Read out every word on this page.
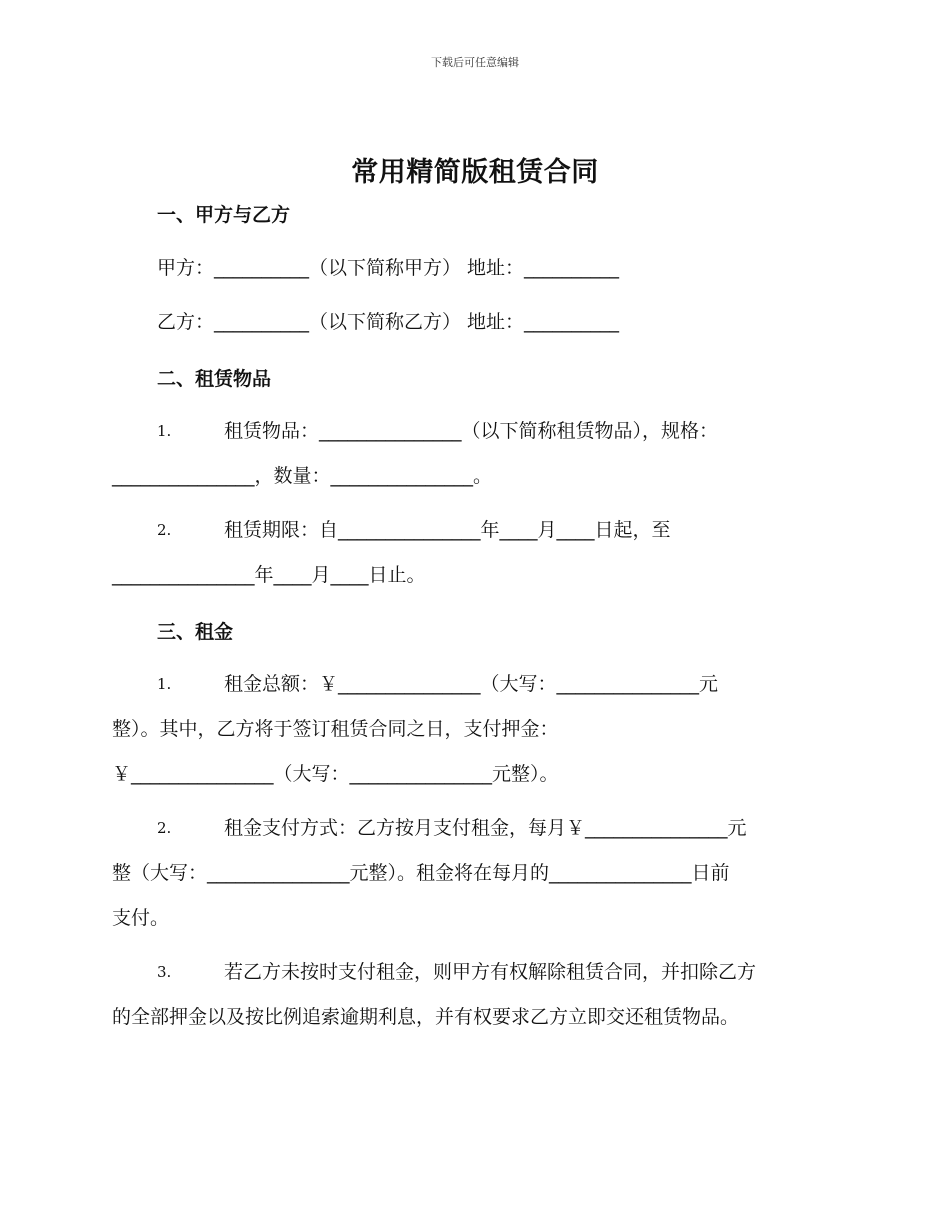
下载后可任意编辑
常用精简版租赁合同
一、甲方与乙方
甲方：__________（以下简称甲方） 地址：__________
乙方：__________（以下简称乙方） 地址：__________
二、租赁物品
1.	租赁物品：_______________（以下简称租赁物品），规格：
_______________，数量：_______________。
2.	租赁期限：自_______________年____月____日起，至
_______________年____月____日止。
三、租金
1.	租金总额：￥_______________（大写：_______________元
整）。其中，乙方将于签订租赁合同之日，支付押金：
￥_______________（大写：_______________元整）。
2.	租金支付方式：乙方按月支付租金，每月￥_______________元
整（大写：_______________元整）。租金将在每月的_______________日前
支付。
3.	若乙方未按时支付租金，则甲方有权解除租赁合同，并扣除乙方
的全部押金以及按比例追索逾期利息，并有权要求乙方立即交还租赁物品。
